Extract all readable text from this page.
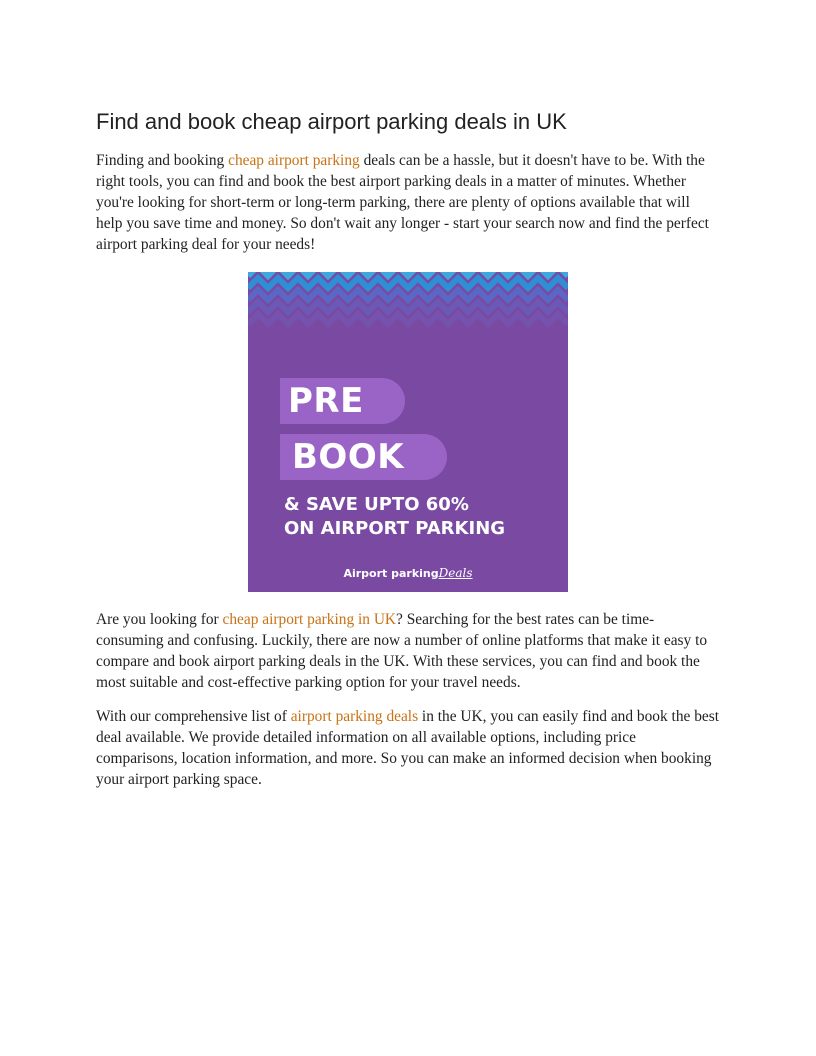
Find and book cheap airport parking deals in UK

Finding and booking cheap airport parking deals can be a hassle, but it doesn't have to be. With the right tools, you can find and book the best airport parking deals in a matter of minutes. Whether you're looking for short-term or long-term parking, there are plenty of options available that will help you save time and money. So don't wait any longer - start your search now and find the perfect airport parking deal for your needs!

PRE
BOOK
& SAVE UPTO 60%
ON AIRPORT PARKING
Airport parkingDeals

Are you looking for cheap airport parking in UK? Searching for the best rates can be time-consuming and confusing. Luckily, there are now a number of online platforms that make it easy to compare and book airport parking deals in the UK. With these services, you can find and book the most suitable and cost-effective parking option for your travel needs.

With our comprehensive list of airport parking deals in the UK, you can easily find and book the best deal available. We provide detailed information on all available options, including price comparisons, location information, and more. So you can make an informed decision when booking your airport parking space.
